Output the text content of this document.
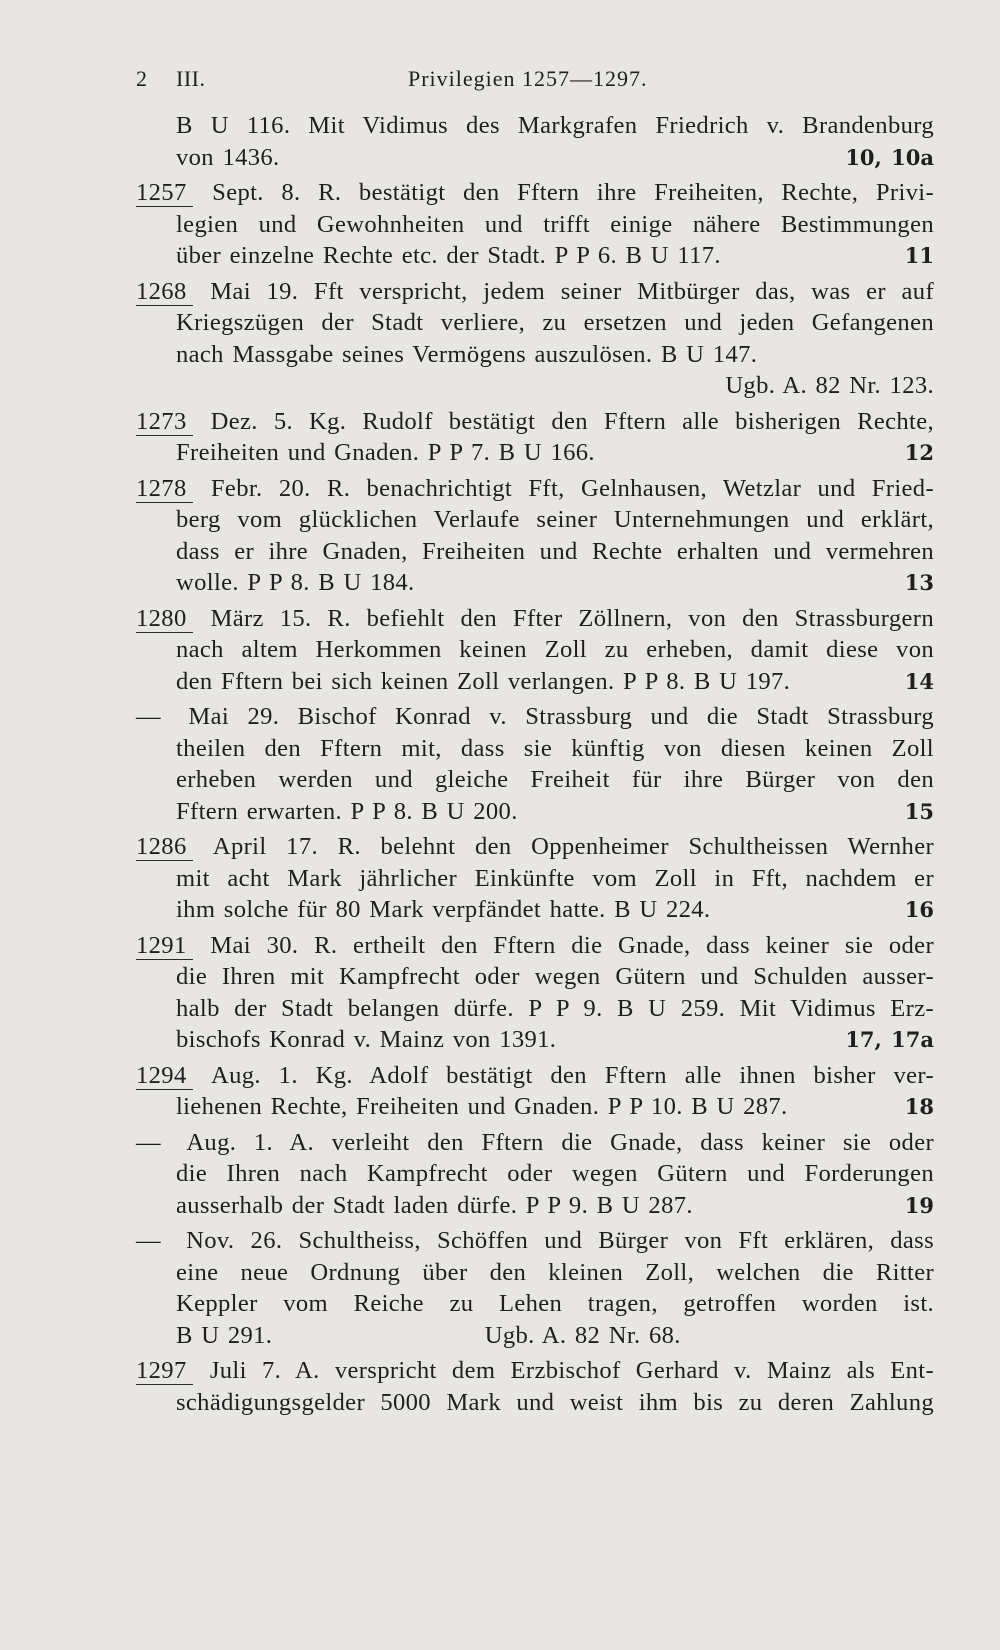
2 III.	Privilegien 1257—1297.
B U 116. Mit Vidimus des Markgrafen Friedrich v. Brandenburg
von 1436.	10, 10a
1257 Sept. 8. R. bestätigt den Fftern ihre Freiheiten, Rechte, Privi-
legien und Gewohnheiten und trifft einige nähere Bestimmungen
über einzelne Rechte etc. der Stadt. P P 6. B U 117.	11
1268 Mai 19. Fft verspricht, jedem seiner Mitbürger das, was er auf
Kriegszügen der Stadt verliere, zu ersetzen und jeden Gefangenen
nach Massgabe seines Vermögens auszulösen. B U 147.
Ugb. A. 82 Nr. 123.
1273 Dez. 5. Kg. Rudolf bestätigt den Fftern alle bisherigen Rechte,
Freiheiten und Gnaden. P P 7. B U 166.	12
1278 Febr. 20. R. benachrichtigt Fft, Gelnhausen, Wetzlar und Fried-
berg vom glücklichen Verlaufe seiner Unternehmungen und erklärt,
dass er ihre Gnaden, Freiheiten und Rechte erhalten und vermehren
wolle. P P 8. B U 184.	13
1280 März 15. R. befiehlt den Ffter Zöllnern, von den Strassburgern
nach altem Herkommen keinen Zoll zu erheben, damit diese von
den Fftern bei sich keinen Zoll verlangen. P P 8. B U 197.	14
— Mai 29. Bischof Konrad v. Strassburg und die Stadt Strassburg
theilen den Fftern mit, dass sie künftig von diesen keinen Zoll
erheben werden und gleiche Freiheit für ihre Bürger von den
Fftern erwarten. P P 8. B U 200.	15
1286 April 17. R. belehnt den Oppenheimer Schultheissen Wernher
mit acht Mark jährlicher Einkünfte vom Zoll in Fft, nachdem er
ihm solche für 80 Mark verpfändet hatte. B U 224.	16
1291 Mai 30. R. ertheilt den Fftern die Gnade, dass keiner sie oder
die Ihren mit Kampfrecht oder wegen Gütern und Schulden ausser-
halb der Stadt belangen dürfe. P P 9. B U 259. Mit Vidimus Erz-
bischofs Konrad v. Mainz von 1391.	17, 17a
1294 Aug. 1. Kg. Adolf bestätigt den Fftern alle ihnen bisher ver-
liehenen Rechte, Freiheiten und Gnaden. P P 10. B U 287.	18
— Aug. 1. A. verleiht den Fftern die Gnade, dass keiner sie oder
die Ihren nach Kampfrecht oder wegen Gütern und Forderungen
ausserhalb der Stadt laden dürfe. P P 9. B U 287.	19
— Nov. 26. Schultheiss, Schöffen und Bürger von Fft erklären, dass
eine neue Ordnung über den kleinen Zoll, welchen die Ritter
Keppler vom Reiche zu Lehen tragen, getroffen worden ist.
B U 291.                         Ugb. A. 82 Nr. 68.
1297 Juli 7. A. verspricht dem Erzbischof Gerhard v. Mainz als Ent-
schädigungsgelder 5000 Mark und weist ihm bis zu deren Zahlung
